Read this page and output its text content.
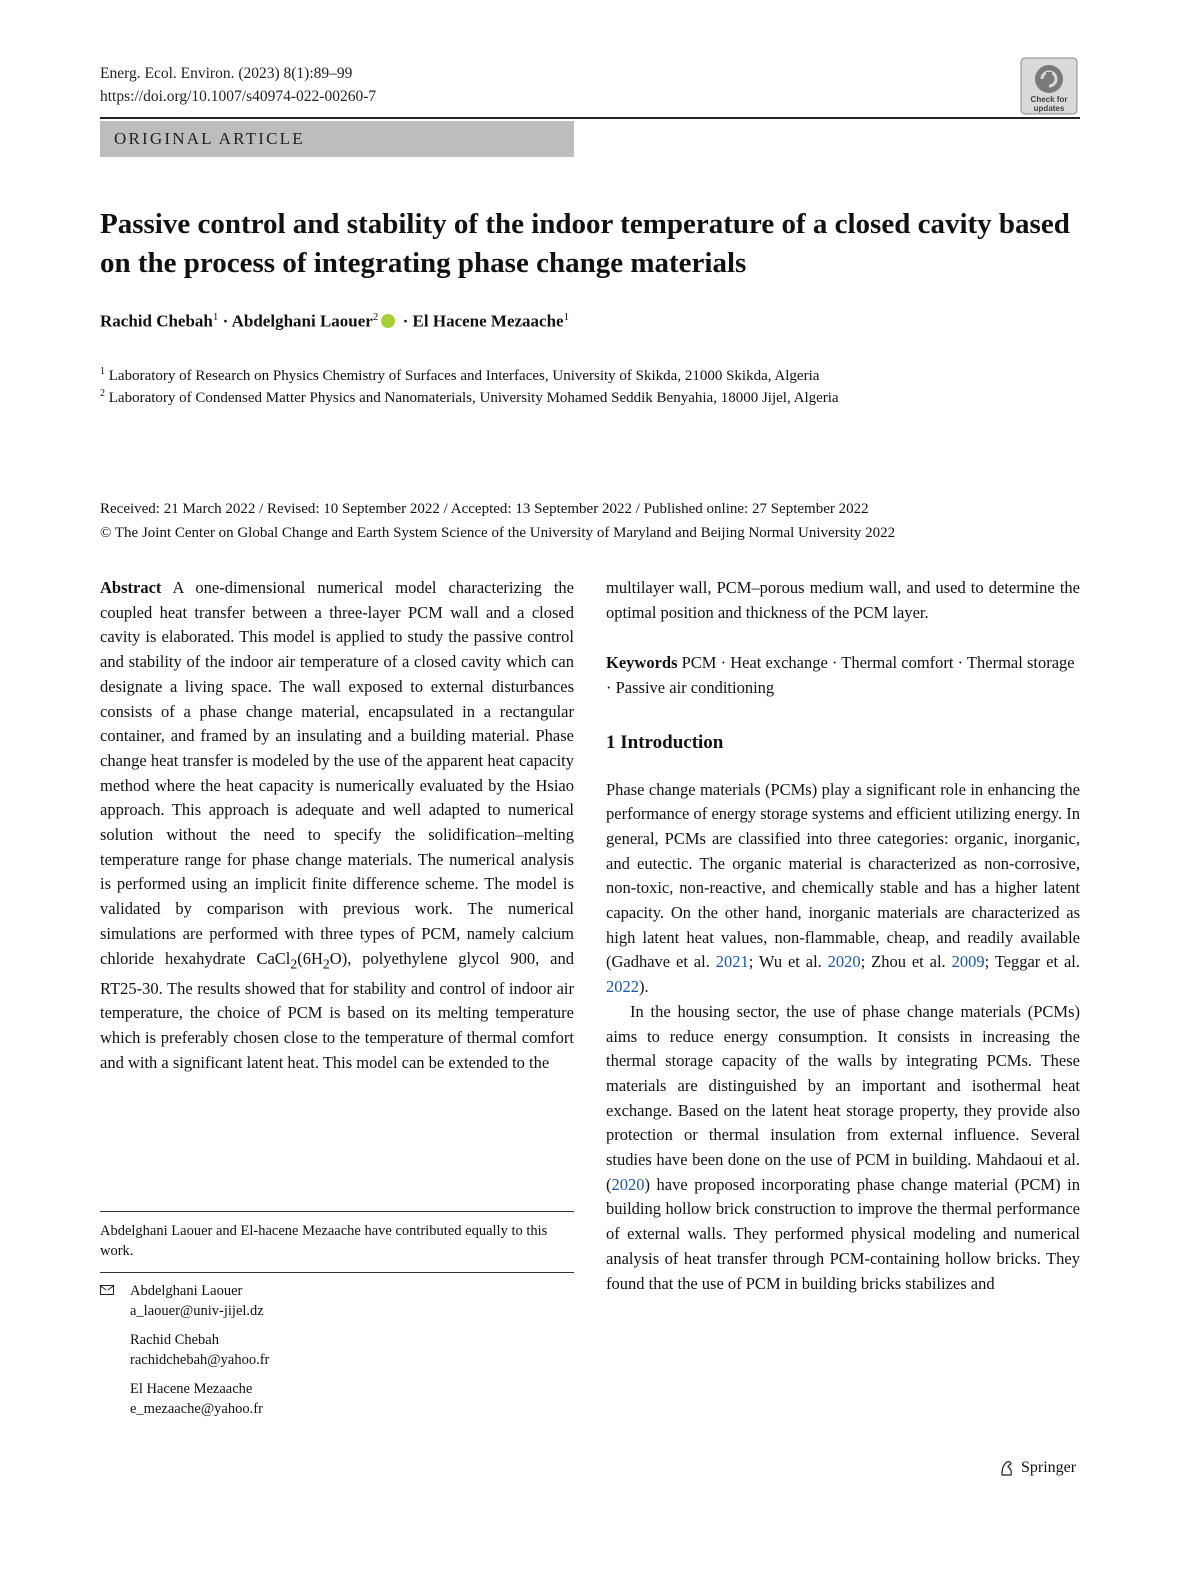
Energ. Ecol. Environ. (2023) 8(1):89–99
https://doi.org/10.1007/s40974-022-00260-7	Check for updates
ORIGINAL ARTICLE
Passive control and stability of the indoor temperature of a closed cavity based on the process of integrating phase change materials
Rachid Chebah$^1$ · Abdelghani Laouer$^2$ · El Hacene Mezaache$^1$
$^1$ Laboratory of Research on Physics Chemistry of Surfaces and Interfaces, University of Skikda, 21000 Skikda, Algeria
$^2$ Laboratory of Condensed Matter Physics and Nanomaterials, University Mohamed Seddik Benyahia, 18000 Jijel, Algeria
Received: 21 March 2022 / Revised: 10 September 2022 / Accepted: 13 September 2022 / Published online: 27 September 2022
© The Joint Center on Global Change and Earth System Science of the University of Maryland and Beijing Normal University 2022

Abstract A one-dimensional numerical model characterizing the coupled heat transfer between a three-layer PCM wall and a closed cavity is elaborated. This model is applied to study the passive control and stability of the indoor air temperature of a closed cavity which can designate a living space. The wall exposed to external disturbances consists of a phase change material, encapsulated in a rectangular container, and framed by an insulating and a building material. Phase change heat transfer is modeled by the use of the apparent heat capacity method where the heat capacity is numerically evaluated by the Hsiao approach. This approach is adequate and well adapted to numerical solution without the need to specify the solidification–melting temperature range for phase change materials. The numerical analysis is performed using an implicit finite difference scheme. The model is validated by comparison with previous work. The numerical simulations are performed with three types of PCM, namely calcium chloride hexahydrate $CaCl_2(6H_2O)$, polyethylene glycol 900, and RT25-30. The results showed that for stability and control of indoor air temperature, the choice of PCM is based on its melting temperature which is preferably chosen close to the temperature of thermal comfort and with a significant latent heat. This model can be extended to the

Abdelghani Laouer and El-hacene Mezaache have contributed equally to this work.
Abdelghani Laouer
a_laouer@univ-jijel.dz
Rachid Chebah
rachidchebah@yahoo.fr
El Hacene Mezaache
e_mezaache@yahoo.fr

multilayer wall, PCM–porous medium wall, and used to determine the optimal position and thickness of the PCM layer.

Keywords PCM · Heat exchange · Thermal comfort · Thermal storage · Passive air conditioning

1 Introduction

Phase change materials (PCMs) play a significant role in enhancing the performance of energy storage systems and efficient utilizing energy. In general, PCMs are classified into three categories: organic, inorganic, and eutectic. The organic material is characterized as non-corrosive, non-toxic, non-reactive, and chemically stable and has a higher latent capacity. On the other hand, inorganic materials are characterized as high latent heat values, non-flammable, cheap, and readily available (Gadhave et al. 2021; Wu et al. 2020; Zhou et al. 2009; Teggar et al. 2022).

In the housing sector, the use of phase change materials (PCMs) aims to reduce energy consumption. It consists in increasing the thermal storage capacity of the walls by integrating PCMs. These materials are distinguished by an important and isothermal heat exchange. Based on the latent heat storage property, they provide also protection or thermal insulation from external influence. Several studies have been done on the use of PCM in building. Mahdaoui et al. (2020) have proposed incorporating phase change material (PCM) in building hollow brick construction to improve the thermal performance of external walls. They performed physical modeling and numerical analysis of heat transfer through PCM-containing hollow bricks. They found that the use of PCM in building bricks stabilizes and

Springer
